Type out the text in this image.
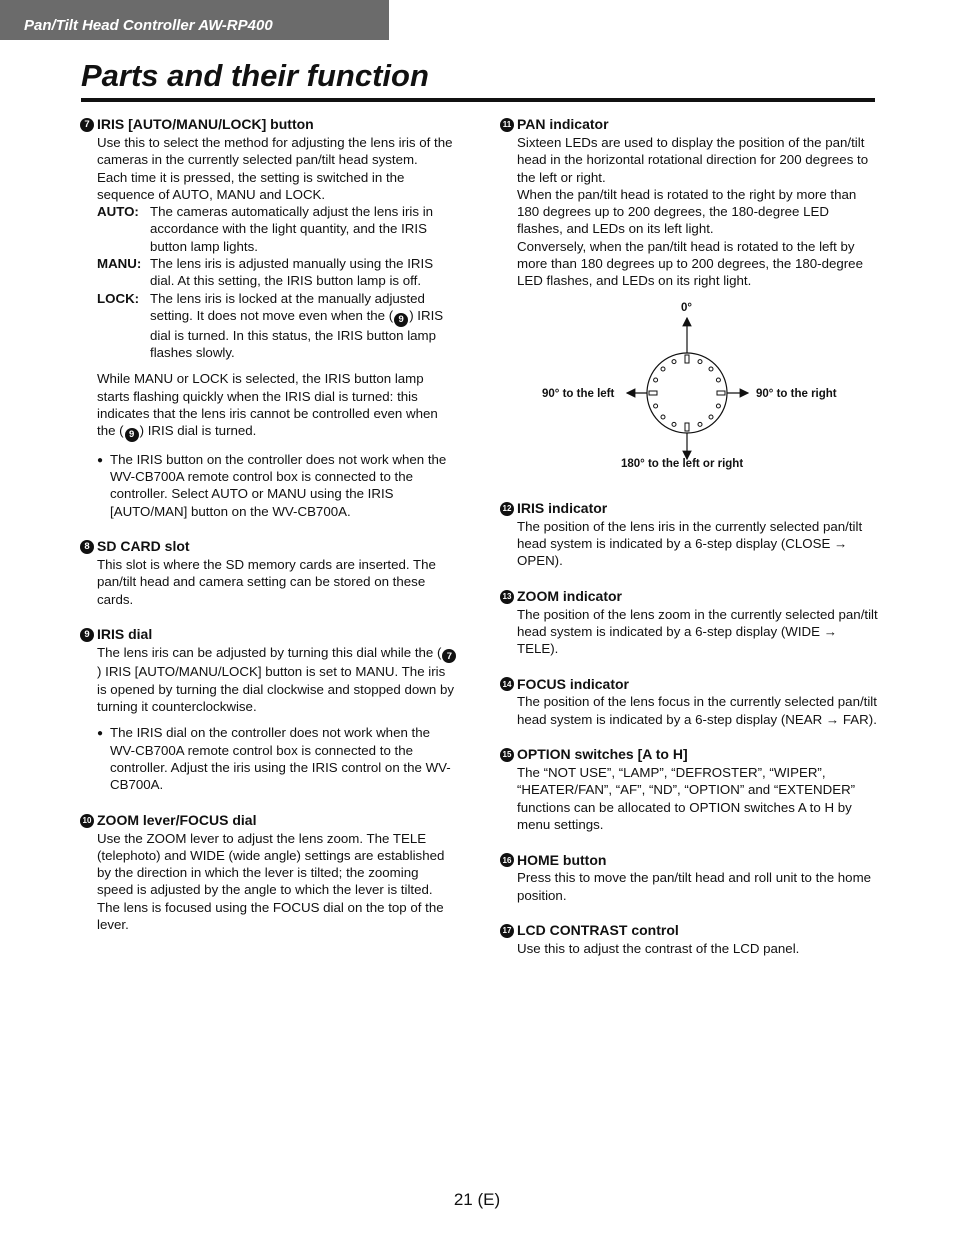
Pan/Tilt Head Controller AW-RP400
Parts and their function
7 IRIS [AUTO/MANU/LOCK] button

Use this to select the method for adjusting the lens iris of the cameras in the currently selected pan/tilt head system.

Each time it is pressed, the setting is switched in the sequence of AUTO, MANU and LOCK.

AUTO: The cameras automatically adjust the lens iris in accordance with the light quantity, and the IRIS button lamp lights.
MANU: The lens iris is adjusted manually using the IRIS dial. At this setting, the IRIS button lamp is off.
LOCK: The lens iris is locked at the manually adjusted setting. It does not move even when the ( 9 ) IRIS dial is turned. In this status, the IRIS button lamp flashes slowly.

While MANU or LOCK is selected, the IRIS button lamp starts flashing quickly when the IRIS dial is turned: this indicates that the lens iris cannot be controlled even when the ( 9 ) IRIS dial is turned.

● The IRIS button on the controller does not work when the WV-CB700A remote control box is connected to the controller. Select AUTO or MANU using the IRIS [AUTO/MAN] button on the WV-CB700A.
8 SD CARD slot

This slot is where the SD memory cards are inserted. The pan/tilt head and camera setting can be stored on these cards.

9 IRIS dial

The lens iris can be adjusted by turning this dial while the ( 7) IRIS [AUTO/MANU/LOCK] button is set to MANU. The iris is opened by turning the dial clockwise and stopped down by turning it counterclockwise.

● The IRIS dial on the controller does not work when the WV-CB700A remote control box is connected to the controller. Adjust the iris using the IRIS control on the WV-CB700A.
10 ZOOM lever/FOCUS dial

Use the ZOOM lever to adjust the lens zoom. The TELE (telephoto) and WIDE (wide angle) settings are established by the direction in which the lever is tilted; the zooming speed is adjusted by the angle to which the lever is tilted.

The lens is focused using the FOCUS dial on the top of the lever.

11 PAN indicator

Sixteen LEDs are used to display the position of the pan/tilt head in the horizontal rotational direction for 200 degrees to the left or right.

When the pan/tilt head is rotated to the right by more than 180 degrees up to 200 degrees, the 180-degree LED flashes, and LEDs on its left light.

Conversely, when the pan/tilt head is rotated to the left by more than 180 degrees up to 200 degrees, the 180-degree LED flashes, and LEDs on its right light.

0°
90° to the left	90° to the right
180° to the left or right
12 IRIS indicator

The position of the lens iris in the currently selected pan/tilt head system is indicated by a 6-step display (CLOSE → OPEN).

13 ZOOM indicator

The position of the lens zoom in the currently selected pan/tilt head system is indicated by a 6-step display (WIDE → TELE).

14 FOCUS indicator

The position of the lens focus in the currently selected pan/tilt head system is indicated by a 6-step display (NEAR → FAR).

15 OPTION switches [A to H]

The “NOT USE”, “LAMP”, “DEFROSTER”, “WIPER”, “HEATER/FAN”, “AF”, “ND”, “OPTION” and “EXTENDER” functions can be allocated to OPTION switches A to H by menu settings.

16 HOME button

Press this to move the pan/tilt head and roll unit to the home position.

17 LCD CONTRAST control

Use this to adjust the contrast of the LCD panel.

21 (E)
